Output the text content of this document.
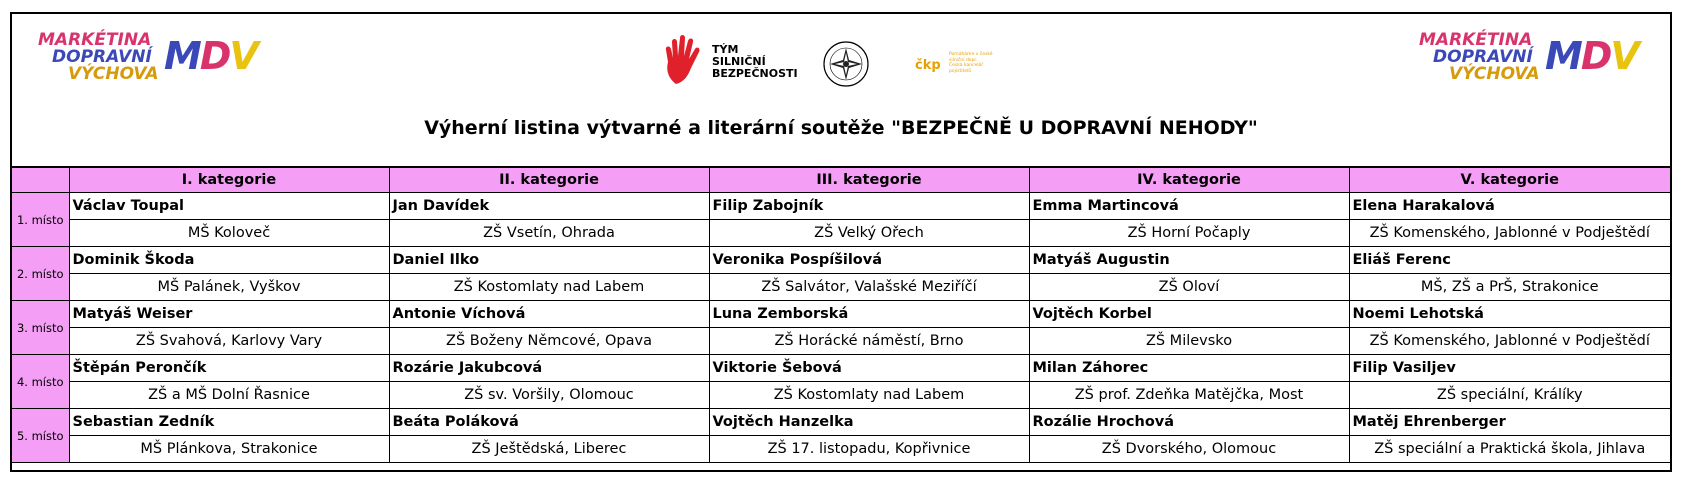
MARKÉTINA
DOPRAVNÍ
VÝCHOVA MDV	TÝM
SILNIČNÍ
BEZPEČNOSTI
čkp
Pomáháme v české
silniční dopr.
Česká kancelář
pojistitelů
MARKÉTINA
DOPRAVNÍ
VÝCHOVA MDV
Výherní listina výtvarné a literární soutěže "BEZPEČNĚ U DOPRAVNÍ NEHODY"
	I. kategorie	II. kategorie	III. kategorie	IV. kategorie	V. kategorie
1. místo	Václav Toupal	Jan Davídek	Filip Zabojník	Emma Martincová	Elena Harakalová
	MŠ Koloveč	ZŠ Vsetín, Ohrada	ZŠ Velký Ořech	ZŠ Horní Počaply	ZŠ Komenského, Jablonné v Podještědí
2. místo	Dominik Škoda	Daniel Ilko	Veronika Pospíšilová	Matyáš Augustin	Eliáš Ferenc
	MŠ Palánek, Vyškov	ZŠ Kostomlaty nad Labem	ZŠ Salvátor, Valašské Meziříčí	ZŠ Oloví	MŠ, ZŠ a PrŠ, Strakonice
3. místo	Matyáš Weiser	Antonie Víchová	Luna Zemborská	Vojtěch Korbel	Noemi Lehotská
	ZŠ Svahová, Karlovy Vary	ZŠ Boženy Němcové, Opava	ZŠ Horácké náměstí, Brno	ZŠ Milevsko	ZŠ Komenského, Jablonné v Podještědí
4. místo	Štěpán Perončík	Rozárie Jakubcová	Viktorie Šebová	Milan Záhorec	Filip Vasiljev
	ZŠ a MŠ Dolní Řasnice	ZŠ sv. Voršily, Olomouc	ZŠ Kostomlaty nad Labem	ZŠ prof. Zdeňka Matějčka, Most	ZŠ speciální, Králíky
5. místo	Sebastian Zedník	Beáta Poláková	Vojtěch Hanzelka	Rozálie Hrochová	Matěj Ehrenberger
	MŠ Plánkova, Strakonice	ZŠ Ještědská, Liberec	ZŠ 17. listopadu, Kopřivnice	ZŠ Dvorského, Olomouc	ZŠ speciální a Praktická škola, Jihlava
